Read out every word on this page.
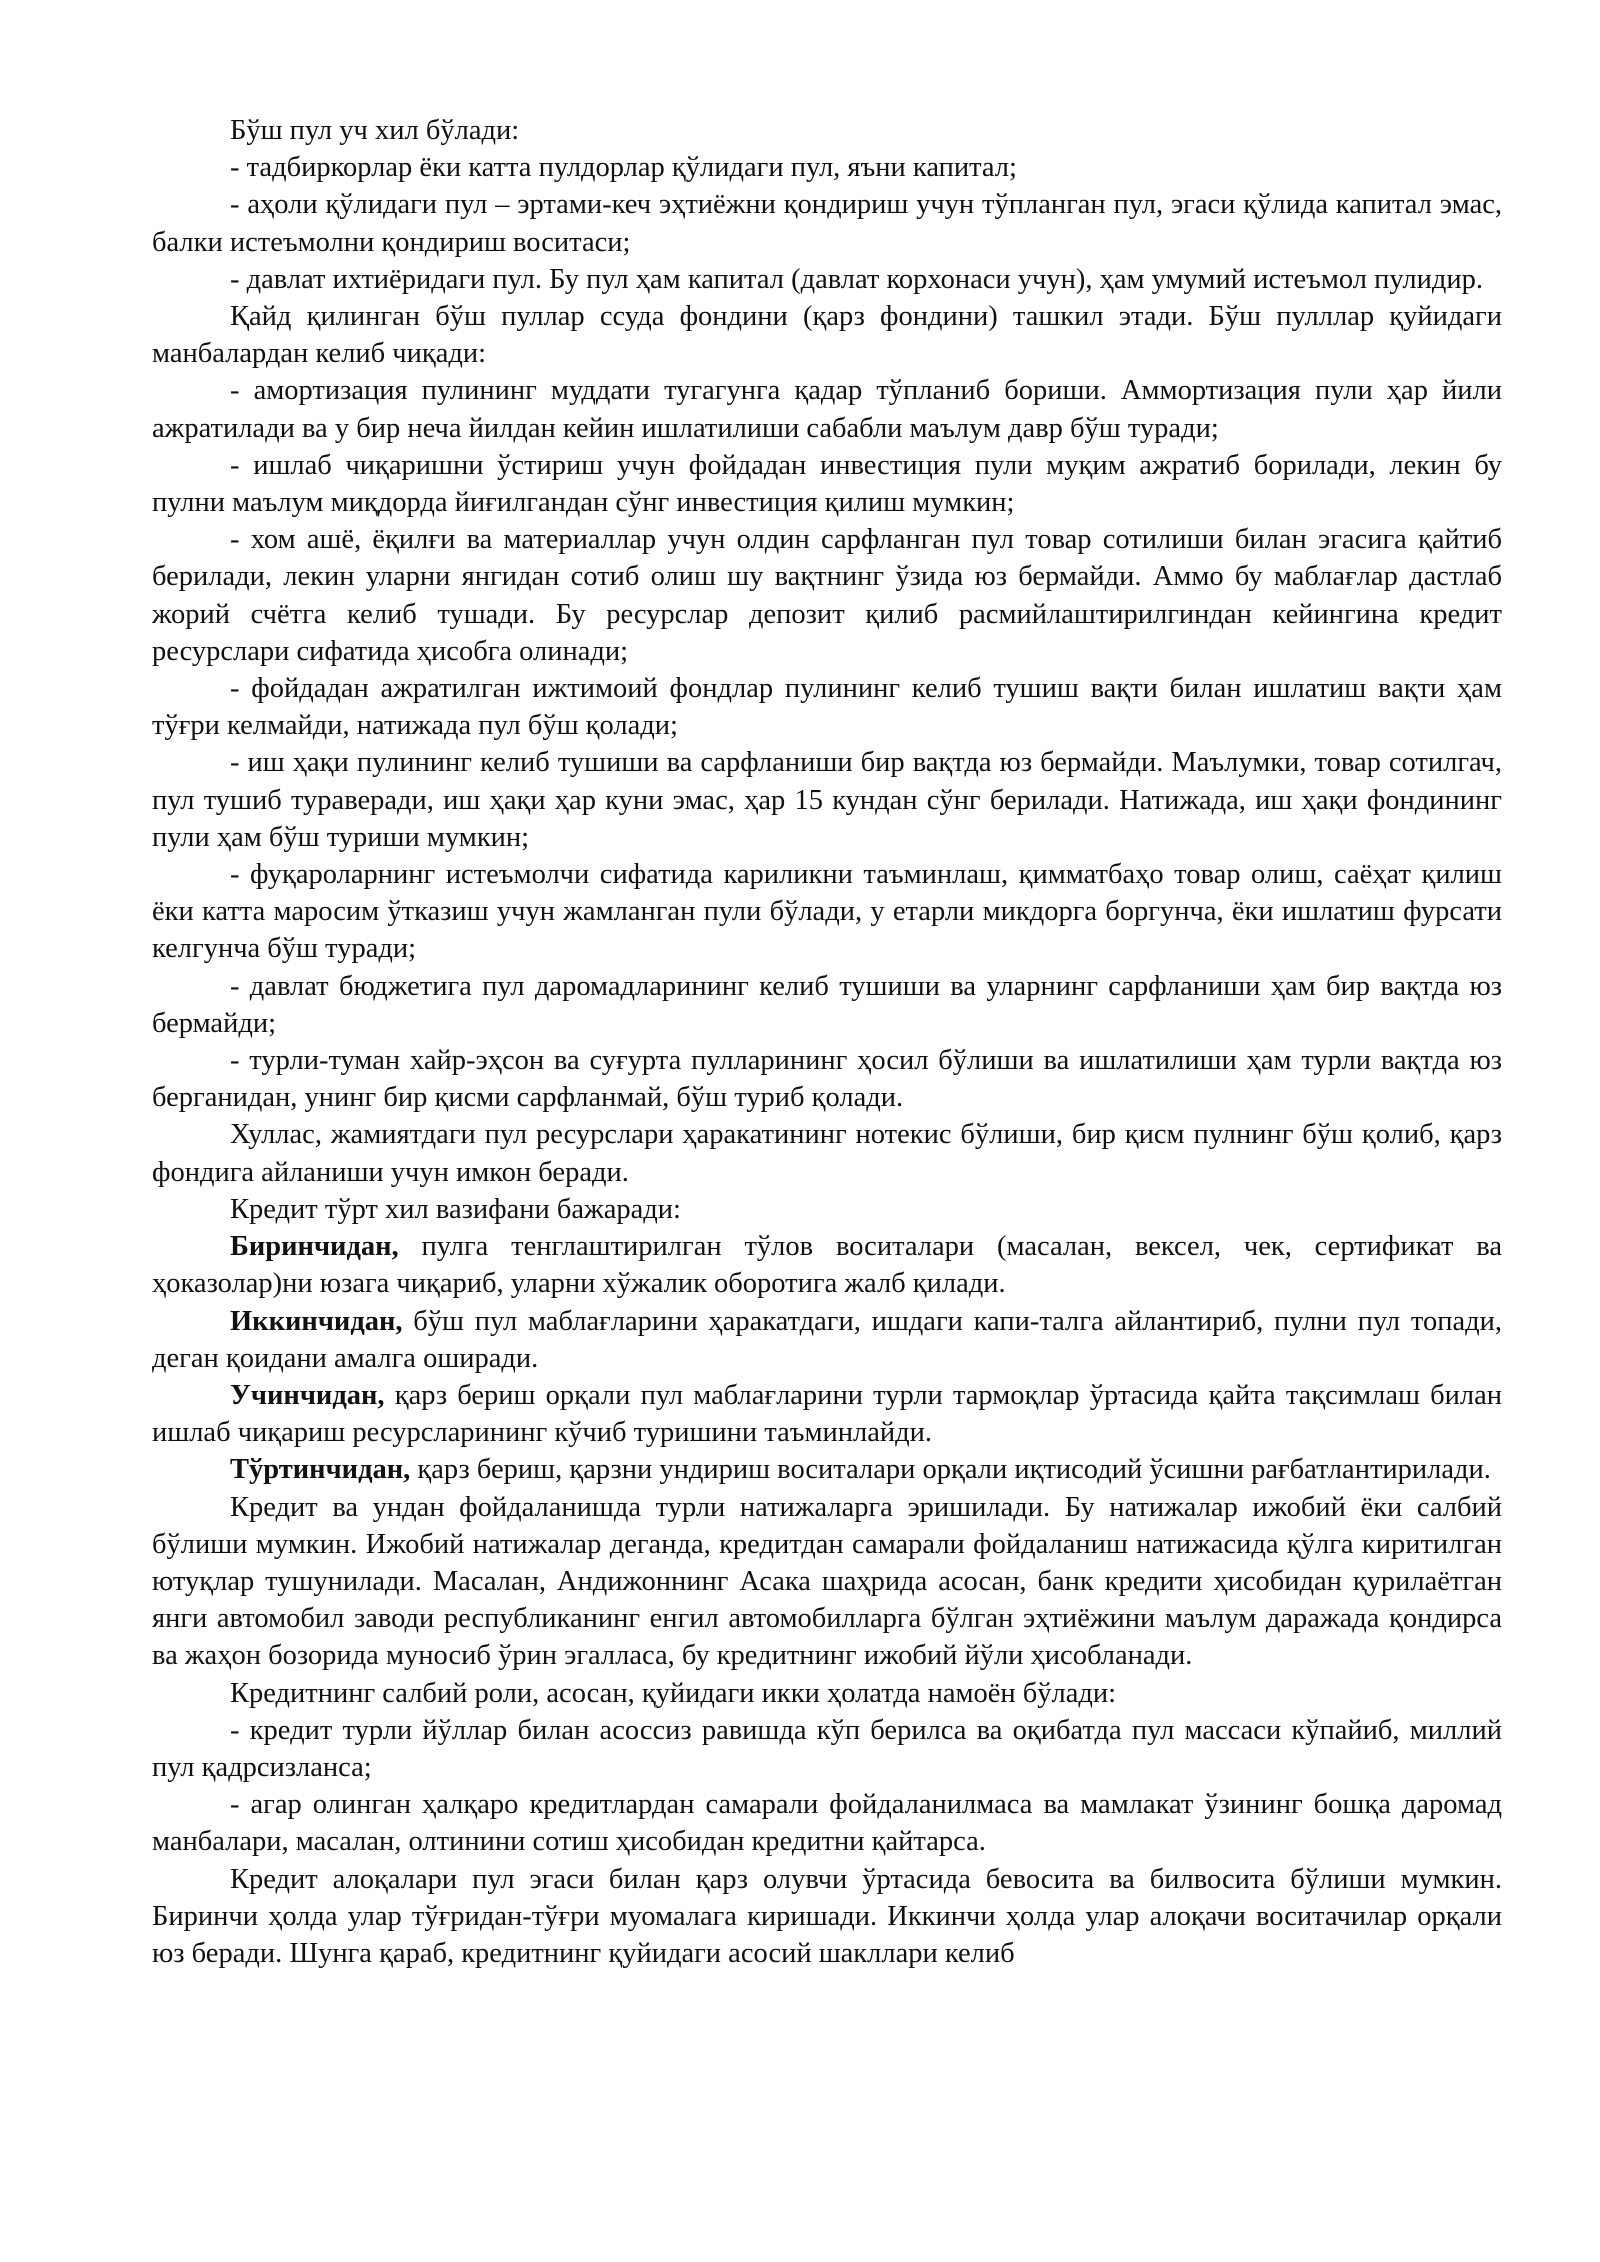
Бўш пул уч хил бўлади:

- тадбиркорлар ёки катта пулдорлар қўлидаги пул, яъни капитал;

- аҳоли қўлидаги пул – эртами-кеч эҳтиёжни қондириш учун тўпланган пул, эгаси қўлида капитал эмас, балки истеъмолни қондириш воситаси;

- давлат ихтиёридаги пул. Бу пул ҳам капитал (давлат корхонаси учун), ҳам умумий истеъмол пулидир.

Қайд қилинган бўш пуллар ссуда фондини (қарз фондини) ташкил этади. Бўш пулллар қуйидаги манбалардан келиб чиқади:

- амортизация пулининг муддати тугагунга қадар тўпланиб бориши. Аммортизация пули ҳар йили ажратилади ва у бир неча йилдан кейин ишлатилиши сабабли маълум давр бўш туради;

- ишлаб чиқаришни ўстириш учун фойдадан инвестиция пули муқим ажратиб борилади, лекин бу пулни маълум миқдорда йиғилгандан сўнг инвестиция қилиш мумкин;

- хом ашё, ёқилғи ва материаллар учун олдин сарфланган пул товар сотилиши билан эгасига қайтиб берилади, лекин уларни янгидан сотиб олиш шу вақтнинг ўзида юз бермайди. Аммо бу маблағлар дастлаб жорий счётга келиб тушади. Бу ресурслар депозит қилиб расмийлаштирилгиндан кейингина кредит ресурслари сифатида ҳисобга олинади;

- фойдадан ажратилган ижтимоий фондлар пулининг келиб тушиш вақти билан ишлатиш вақти ҳам тўғри келмайди, натижада пул бўш қолади;

- иш ҳақи пулининг келиб тушиши ва сарфланиши бир вақтда юз бермайди. Маълумки, товар сотилгач, пул тушиб тураверади, иш ҳақи ҳар куни эмас, ҳар 15 кундан сўнг берилади. Натижада, иш ҳақи фондининг пули ҳам бўш туриши мумкин;

- фуқароларнинг истеъмолчи сифатида кариликни таъминлаш, қимматбаҳо товар олиш, саёҳат қилиш ёки катта маросим ўтказиш учун жамланган пули бўлади, у етарли микдорга боргунча, ёки ишлатиш фурсати келгунча бўш туради;

- давлат бюджетига пул даромадларининг келиб тушиши ва уларнинг сарфланиши ҳам бир вақтда юз бермайди;

- турли-туман хайр-эҳсон ва суғурта пулларининг ҳосил бўлиши ва ишлатилиши ҳам турли вақтда юз берганидан, унинг бир қисми сарфланмай, бўш туриб қолади.

Хуллас, жамиятдаги пул ресурслари ҳаракатининг нотекис бўлиши, бир қисм пулнинг бўш қолиб, қарз фондига айланиши учун имкон беради.

Кредит тўрт хил вазифани бажаради:

Биринчидан, пулга тенглаштирилган тўлов воситалари (масалан, вексел, чек, сертификат ва ҳоказолар)ни юзага чиқариб, уларни хўжалик оборотига жалб қилади.

Иккинчидан, бўш пул маблағларини ҳаракатдаги, ишдаги капи-талга айлантириб, пулни пул топади, деган қоидани амалга оширади.

Учинчидан, қарз бериш орқали пул маблағларини турли тармоқлар ўртасида қайта тақсимлаш билан ишлаб чиқариш ресурсларининг кўчиб туришини таъминлайди.

Тўртинчидан, қарз бериш, қарзни ундириш воситалари орқали иқтисодий ўсишни рағбатлантирилади.

Кредит ва ундан фойдаланишда турли натижаларга эришилади. Бу натижалар ижобий ёки салбий бўлиши мумкин. Ижобий натижалар деганда, кредитдан самарали фойдаланиш натижасида қўлга киритилган ютуқлар тушунилади. Масалан, Андижоннинг Асака шаҳрида асосан, банк кредити ҳисобидан қурилаётган янги автомобил заводи республиканинг енгил автомобилларга бўлган эҳтиёжини маълум даражада қондирса ва жаҳон бозорида муносиб ўрин эгалласа, бу кредитнинг ижобий йўли ҳисобланади.

Кредитнинг салбий роли, асосан, қуйидаги икки ҳолатда намоён бўлади:

- кредит турли йўллар билан асоссиз равишда кўп берилса ва оқибатда пул массаси кўпайиб, миллий пул қадрсизланса;

- агар олинган ҳалқаро кредитлардан самарали фойдаланилмаса ва мамлакат ўзининг бошқа даромад манбалари, масалан, олтинини сотиш ҳисобидан кредитни қайтарса.

Кредит алоқалари пул эгаси билан қарз олувчи ўртасида бевосита ва билвосита бўлиши мумкин. Биринчи ҳолда улар тўғридан-тўғри муомалага киришади. Иккинчи ҳолда улар алоқачи воситачилар орқали юз беради. Шунга қараб, кредитнинг қуйидаги асосий шакллари келиб
